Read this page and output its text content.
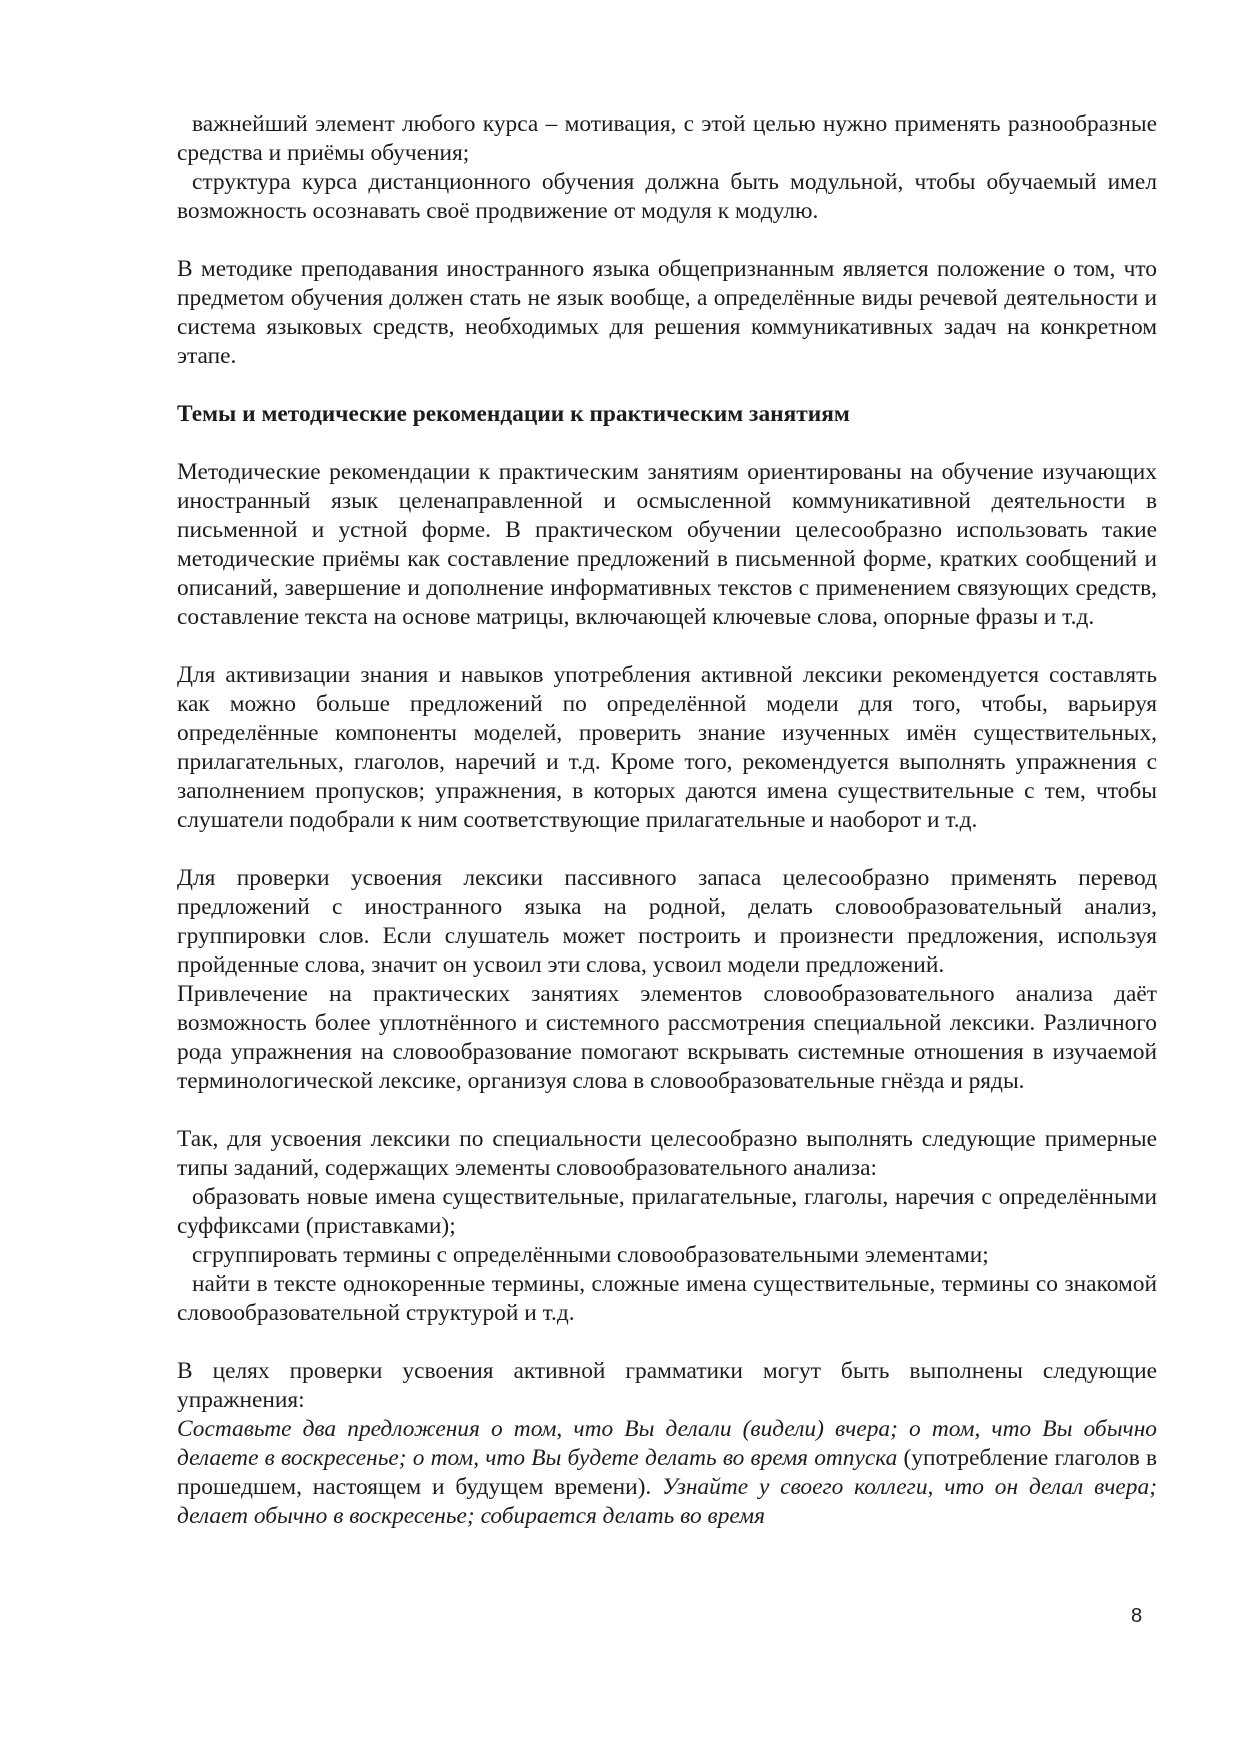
важнейший элемент любого курса – мотивация, с этой целью нужно применять разнообразные средства и приёмы обучения;

структура курса дистанционного обучения должна быть модульной, чтобы обучаемый имел возможность осознавать своё продвижение от модуля к модулю.

В методике преподавания иностранного языка общепризнанным является положение о том, что предметом обучения должен стать не язык вообще, а определённые виды речевой деятельности и система языковых средств, необходимых для решения коммуникативных задач на конкретном этапе.

Темы и методические рекомендации к практическим занятиям

Методические рекомендации к практическим занятиям ориентированы на обучение изучающих иностранный язык целенаправленной и осмысленной коммуникативной деятельности в письменной и устной форме. В практическом обучении целесообразно использовать такие методические приёмы как составление предложений в письменной форме, кратких сообщений и описаний, завершение и дополнение информативных текстов с применением связующих средств, составление текста на основе матрицы, включающей ключевые слова, опорные фразы и т.д.

Для активизации знания и навыков употребления активной лексики рекомендуется составлять как можно больше предложений по определённой модели для того, чтобы, варьируя определённые компоненты моделей, проверить знание изученных имён существительных, прилагательных, глаголов, наречий и т.д. Кроме того, рекомендуется выполнять упражнения с заполнением пропусков; упражнения, в которых даются имена существительные с тем, чтобы слушатели подобрали к ним соответствующие прилагательные и наоборот и т.д.

Для проверки усвоения лексики пассивного запаса целесообразно применять перевод предложений с иностранного языка на родной, делать словообразовательный анализ, группировки слов. Если слушатель может построить и произнести предложения, используя пройденные слова, значит он усвоил эти слова, усвоил модели предложений.

Привлечение на практических занятиях элементов словообразовательного анализа даёт возможность более уплотнённого и системного рассмотрения специальной лексики. Различного рода упражнения на словообразование помогают вскрывать системные отношения в изучаемой терминологической лексике, организуя слова в словообразовательные гнёзда и ряды.

Так, для усвоения лексики по специальности целесообразно выполнять следующие примерные типы заданий, содержащих элементы словообразовательного анализа:

образовать новые имена существительные, прилагательные, глаголы, наречия с определёнными суффиксами (приставками);

сгруппировать термины с определёнными словообразовательными элементами;

найти в тексте однокоренные термины, сложные имена существительные, термины со знакомой словообразовательной структурой и т.д.

В целях проверки усвоения активной грамматики могут быть выполнены следующие упражнения:

Составьте два предложения о том, что Вы делали (видели) вчера; о том, что Вы обычно делаете в воскресенье; о том, что Вы будете делать во время отпуска (употребление глаголов в прошедшем, настоящем и будущем времени). Узнайте у своего коллеги, что он делал вчера; делает обычно в воскресенье; собирается делать во время

8
